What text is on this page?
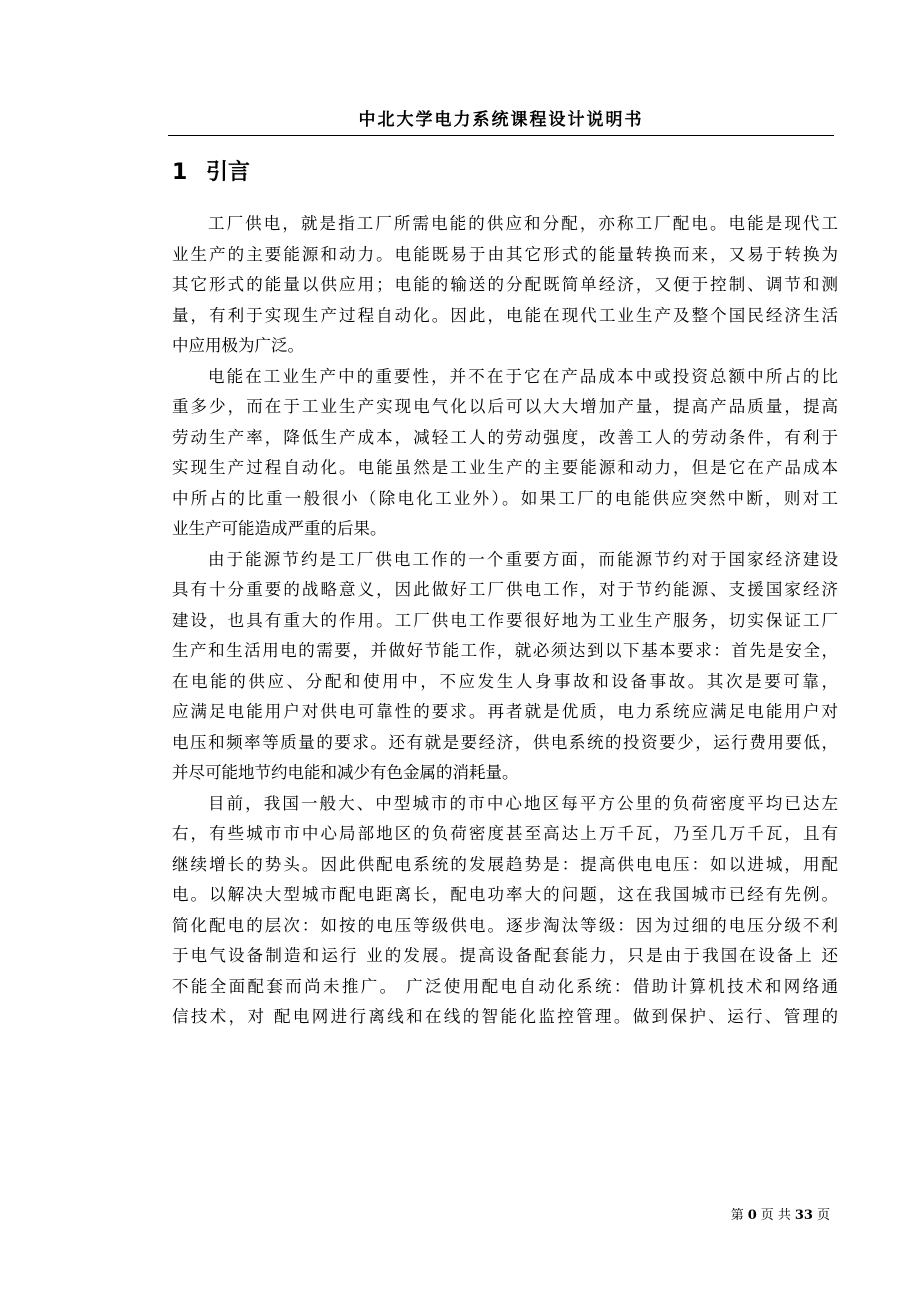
中北大学电力系统课程设计说明书
1 引言
工厂供电，就是指工厂所需电能的供应和分配，亦称工厂配电。电能是现代工
业生产的主要能源和动力。电能既易于由其它形式的能量转换而来，又易于转换为
其它形式的能量以供应用；电能的输送的分配既简单经济，又便于控制、调节和测
量，有利于实现生产过程自动化。因此，电能在现代工业生产及整个国民经济生活
中应用极为广泛。
电能在工业生产中的重要性，并不在于它在产品成本中或投资总额中所占的比
重多少，而在于工业生产实现电气化以后可以大大增加产量，提高产品质量，提高
劳动生产率，降低生产成本，减轻工人的劳动强度，改善工人的劳动条件，有利于
实现生产过程自动化。电能虽然是工业生产的主要能源和动力，但是它在产品成本
中所占的比重一般很小（除电化工业外）。如果工厂的电能供应突然中断，则对工
业生产可能造成严重的后果。
由于能源节约是工厂供电工作的一个重要方面，而能源节约对于国家经济建设
具有十分重要的战略意义，因此做好工厂供电工作，对于节约能源、支援国家经济
建设，也具有重大的作用。工厂供电工作要很好地为工业生产服务，切实保证工厂
生产和生活用电的需要，并做好节能工作，就必须达到以下基本要求：首先是安全，
在电能的供应、分配和使用中，不应发生人身事故和设备事故。其次是要可靠，
应满足电能用户对供电可靠性的要求。再者就是优质，电力系统应满足电能用户对
电压和频率等质量的要求。还有就是要经济，供电系统的投资要少，运行费用要低，
并尽可能地节约电能和减少有色金属的消耗量。
目前，我国一般大、中型城市的市中心地区每平方公里的负荷密度平均已达左
右，有些城市市中心局部地区的负荷密度甚至高达上万千瓦，乃至几万千瓦，且有
继续增长的势头。因此供配电系统的发展趋势是：提高供电电压：如以进城，用配
电。以解决大型城市配电距离长，配电功率大的问题，这在我国城市已经有先例。
简化配电的层次：如按的电压等级供电。逐步淘汰等级：因为过细的电压分级不利
于电气设备制造和运行 业的发展。提高设备配套能力，只是由于我国在设备上 还
不能全面配套而尚未推广。 广泛使用配电自动化系统：借助计算机技术和网络通
信技术，对 配电网进行离线和在线的智能化监控管理。做到保护、运行、管理的
第 0 页 共 33 页
